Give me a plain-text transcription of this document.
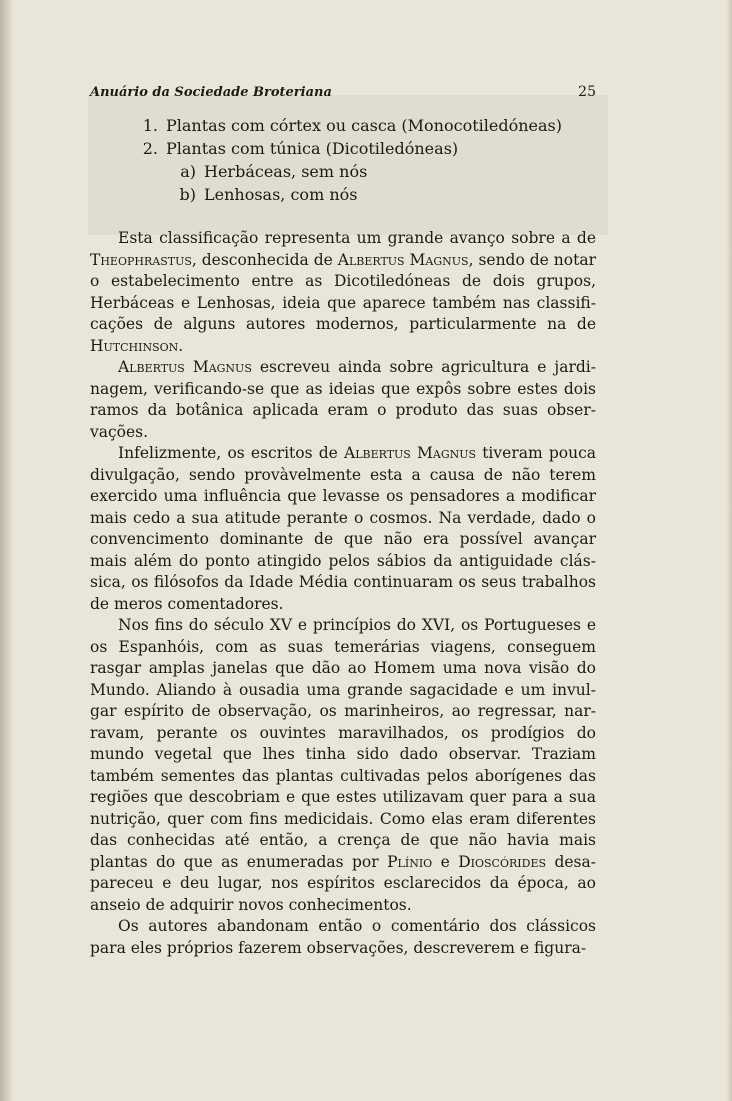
Anuário da Sociedade Broteriana	25
1. Plantas com córtex ou casca (Monocotiledóneas)
2. Plantas com túnica (Dicotiledóneas)
a) Herbáceas, sem nós
b) Lenhosas, com nós

Esta classificação representa um grande avanço sobre a de Theophrastus, desconhecida de Albertus Magnus, sendo de notar o estabelecimento entre as Dicotiledóneas de dois grupos, Herbáceas e Lenhosas, ideia que aparece também nas classificações de alguns autores modernos, particularmente na de Hutchinson.

Albertus Magnus escreveu ainda sobre agricultura e jardinagem, verificando-se que as ideias que expôs sobre estes dois ramos da botânica aplicada eram o produto das suas observações.

Infelizmente, os escritos de Albertus Magnus tiveram pouca divulgação, sendo provàvelmente esta a causa de não terem exercido uma influência que levasse os pensadores a modificar mais cedo a sua atitude perante o cosmos. Na verdade, dado o convencimento dominante de que não era possível avançar mais além do ponto atingido pelos sábios da antiguidade clássica, os filósofos da Idade Média continuaram os seus trabalhos de meros comentadores.

Nos fins do século XV e princípios do XVI, os Portugueses e os Espanhóis, com as suas temerárias viagens, conseguem rasgar amplas janelas que dão ao Homem uma nova visão do Mundo. Aliando à ousadia uma grande sagacidade e um invulgar espírito de observação, os marinheiros, ao regressar, narravam, perante os ouvintes maravilhados, os prodígios do mundo vegetal que lhes tinha sido dado observar. Traziam também sementes das plantas cultivadas pelos aborígenes das regiões que descobriam e que estes utilizavam quer para a sua nutrição, quer com fins medicidais. Como elas eram diferentes das conhecidas até então, a crença de que não havia mais plantas do que as enumeradas por Plínio e Dioscórides desapareceu e deu lugar, nos espíritos esclarecidos da época, ao anseio de adquirir novos conhecimentos.

Os autores abandonam então o comentário dos clássicos para eles próprios fazerem observações, descreverem e figura-
